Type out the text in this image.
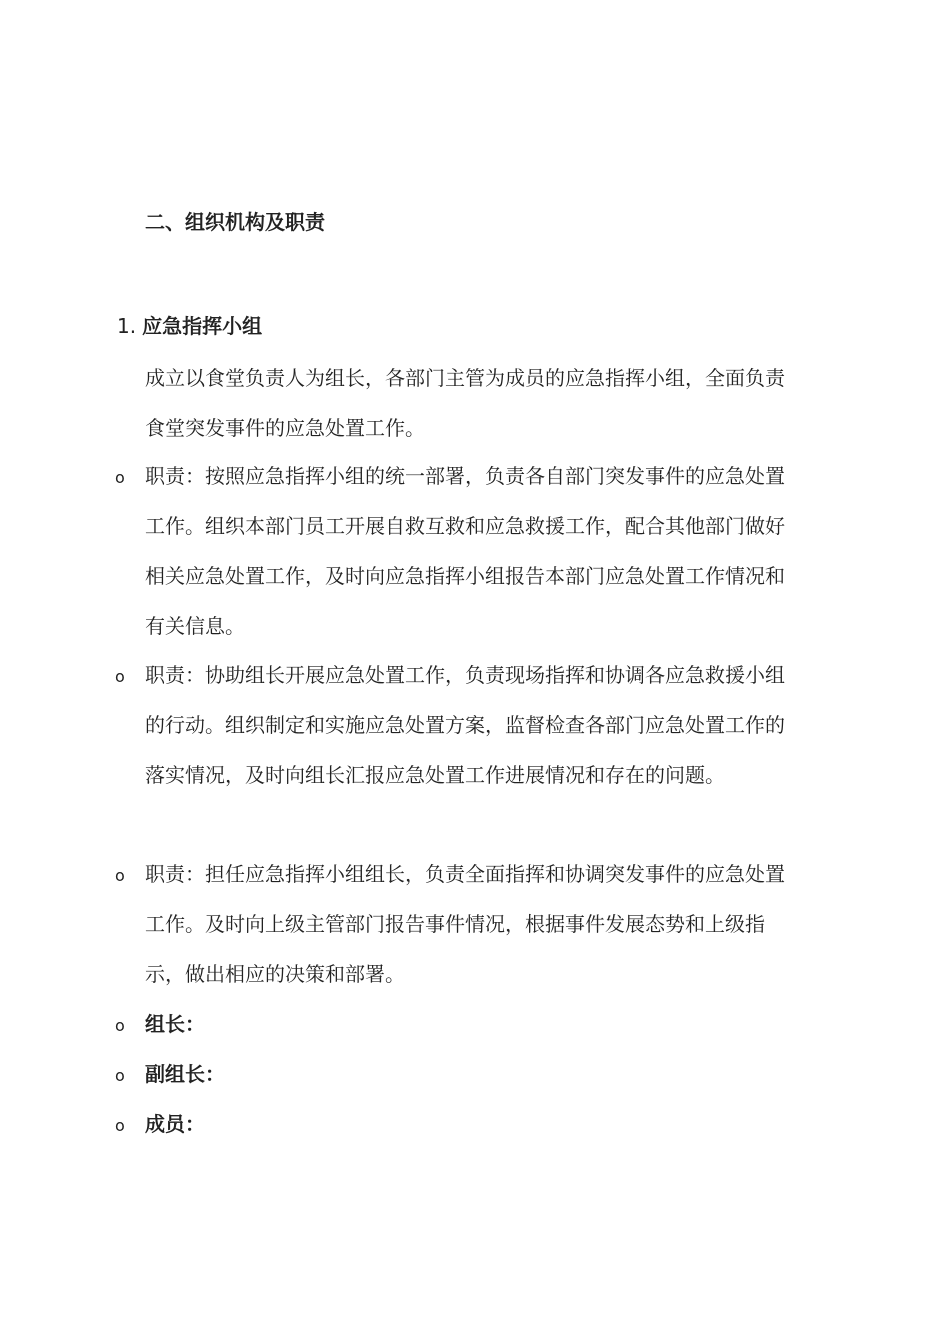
二、组织机构及职责
1. 应急指挥小组
成立以食堂负责人为组长，各部门主管为成员的应急指挥小组，全面负责食堂突发事件的应急处置工作。
o	职责：按照应急指挥小组的统一部署，负责各自部门突发事件的应急处置工作。组织本部门员工开展自救互救和应急救援工作，配合其他部门做好相关应急处置工作，及时向应急指挥小组报告本部门应急处置工作情况和有关信息。
o	职责：协助组长开展应急处置工作，负责现场指挥和协调各应急救援小组的行动。组织制定和实施应急处置方案，监督检查各部门应急处置工作的落实情况，及时向组长汇报应急处置工作进展情况和存在的问题。
o	职责：担任应急指挥小组组长，负责全面指挥和协调突发事件的应急处置工作。及时向上级主管部门报告事件情况，根据事件发展态势和上级指示，做出相应的决策和部署。
o	组长：
o	副组长：
o	成员：
